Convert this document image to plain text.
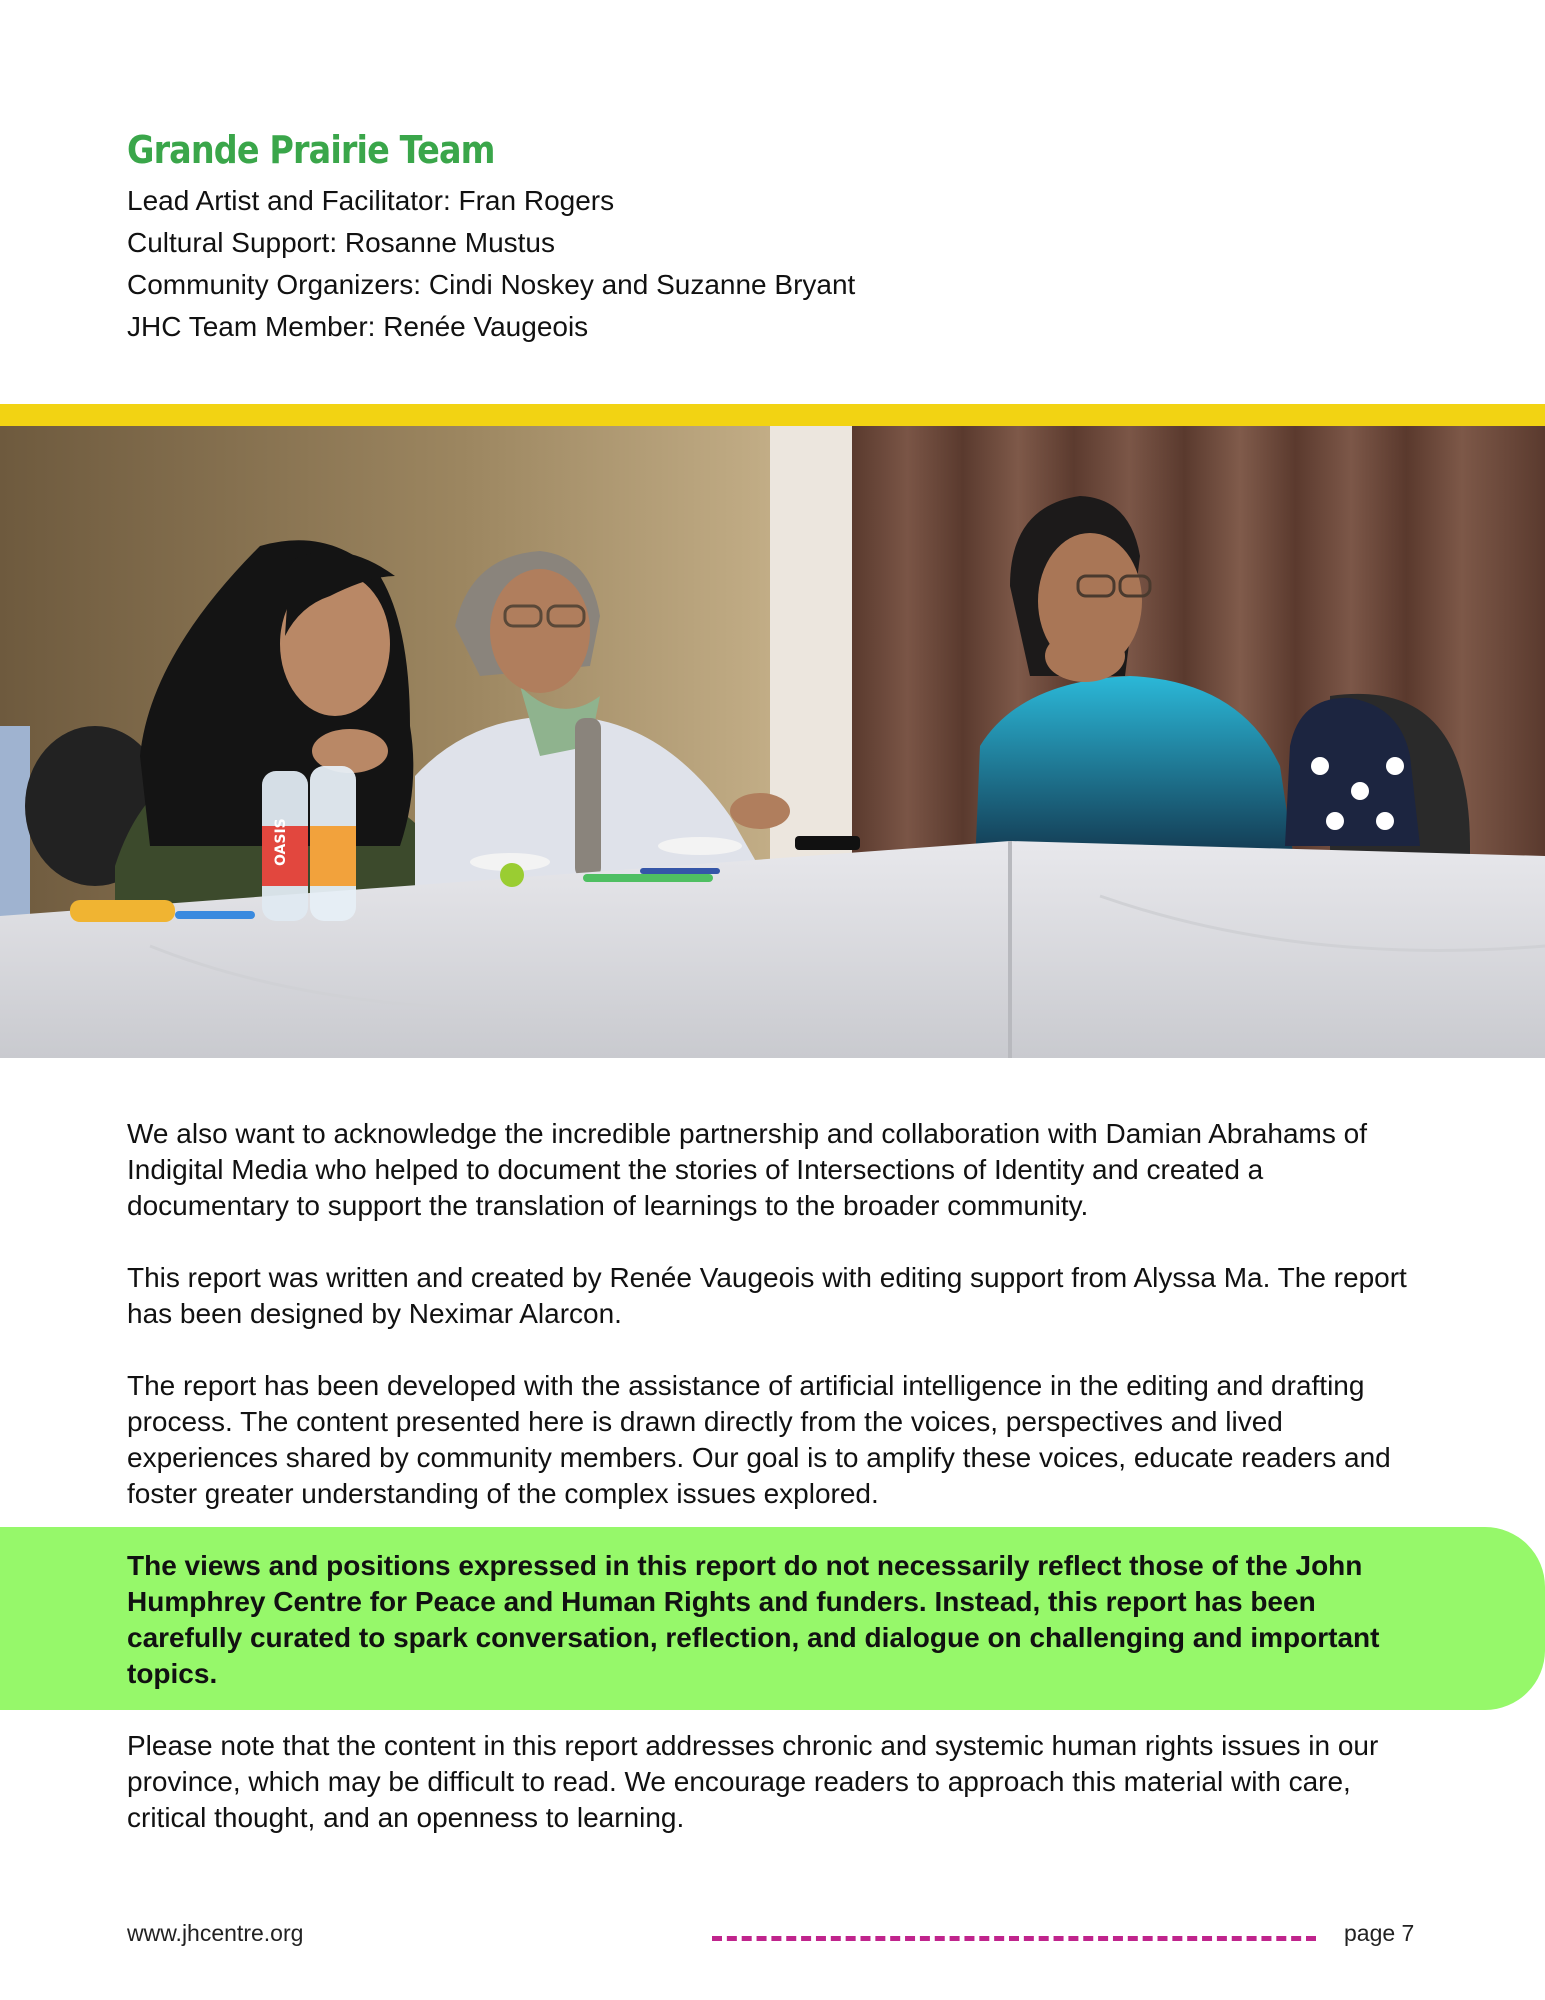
Grande Prairie Team
Lead Artist and Facilitator: Fran Rogers
Cultural Support: Rosanne Mustus
Community Organizers: Cindi Noskey and Suzanne Bryant
JHC Team Member: Renée Vaugeois
OASIS

We also want to acknowledge the incredible partnership and collaboration with Damian Abrahams of Indigital Media who helped to document the stories of Intersections of Identity and created a documentary to support the translation of learnings to the broader community.

This report was written and created by Renée Vaugeois with editing support from Alyssa Ma. The report has been designed by Neximar Alarcon.

The report has been developed with the assistance of artificial intelligence in the editing and drafting process. The content presented here is drawn directly from the voices, perspectives and lived experiences shared by community members. Our goal is to amplify these voices, educate readers and foster greater understanding of the complex issues explored.

The views and positions expressed in this report do not necessarily reflect those of the John Humphrey Centre for Peace and Human Rights and funders. Instead, this report has been carefully curated to spark conversation, reflection, and dialogue on challenging and important topics.

Please note that the content in this report addresses chronic and systemic human rights issues in our province, which may be difficult to read. We encourage readers to approach this material with care, critical thought, and an openness to learning.

www.jhcentre.org	page 7
